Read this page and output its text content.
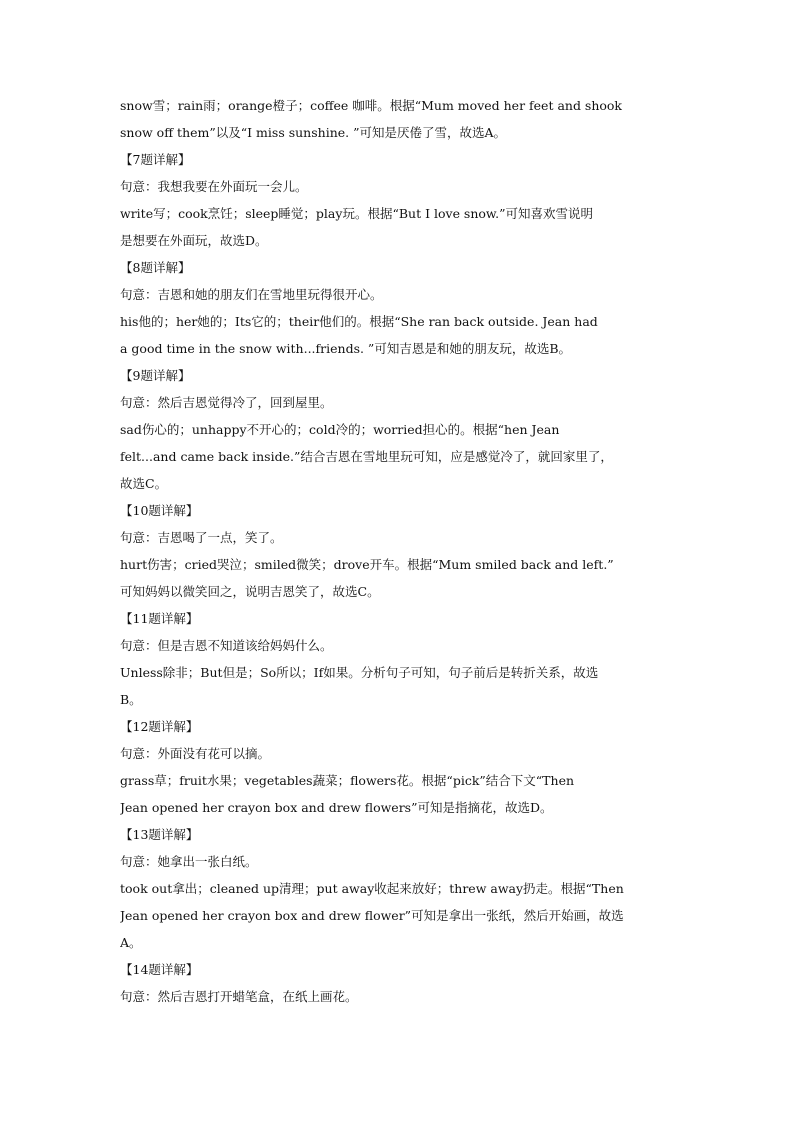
snow雪；rain雨；orange橙子；coffee 咖啡。根据“Mum moved her feet and shook
snow off them”以及“I miss sunshine. ”可知是厌倦了雪，故选A。
【7题详解】
句意：我想我要在外面玩一会儿。
write写；cook烹饪；sleep睡觉；play玩。根据“But I love snow.”可知喜欢雪说明
是想要在外面玩，故选D。
【8题详解】
句意：吉恩和她的朋友们在雪地里玩得很开心。
his他的；her她的；Its它的；their他们的。根据“She ran back outside. Jean had
a good time in the snow with...friends. ”可知吉恩是和她的朋友玩，故选B。
【9题详解】
句意：然后吉恩觉得冷了，回到屋里。
sad伤心的；unhappy不开心的；cold冷的；worried担心的。根据“hen Jean
felt...and came back inside.”结合吉恩在雪地里玩可知，应是感觉冷了，就回家里了，
故选C。
【10题详解】
句意：吉恩喝了一点，笑了。
hurt伤害；cried哭泣；smiled微笑；drove开车。根据“Mum smiled back and left.”
可知妈妈以微笑回之，说明吉恩笑了，故选C。
【11题详解】
句意：但是吉恩不知道该给妈妈什么。
Unless除非；But但是；So所以；If如果。分析句子可知，句子前后是转折关系，故选
B。
【12题详解】
句意：外面没有花可以摘。
grass草；fruit水果；vegetables蔬菜；flowers花。根据“pick”结合下文“Then
Jean opened her crayon box and drew flowers”可知是指摘花，故选D。
【13题详解】
句意：她拿出一张白纸。
took out拿出；cleaned up清理；put away收起来放好；threw away扔走。根据“Then
Jean opened her crayon box and drew flower”可知是拿出一张纸，然后开始画，故选
A。
【14题详解】
句意：然后吉恩打开蜡笔盒，在纸上画花。
